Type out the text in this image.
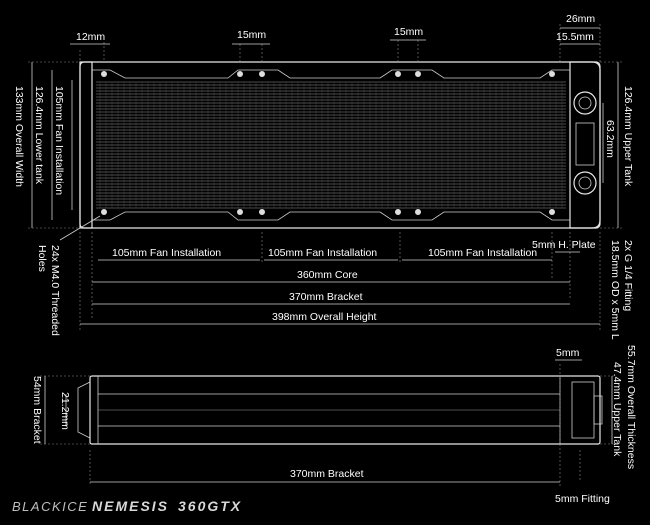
12mm	15mm	15mm
26mm
15.5mm
105mm Fan Installation	105mm Fan Installation	105mm Fan Installation
5mm H. Plate
360mm Core
370mm Bracket
398mm Overall Height
24x M4.0 Threaded
Holes
105mm Fan Installation
126.4mm Lower tank
133mm Overall Width	126.4mm Upper Tank
63.2mm
2x G 1/4 Fitting
18.5mm OD x 5mm L
5mm
21.2mm
54mm Bracket
370mm Bracket
5mm Fitting
55.7mm Overall Thickness
47.4mm Upper Tank
BLACKICE NEMESIS 360GTX
